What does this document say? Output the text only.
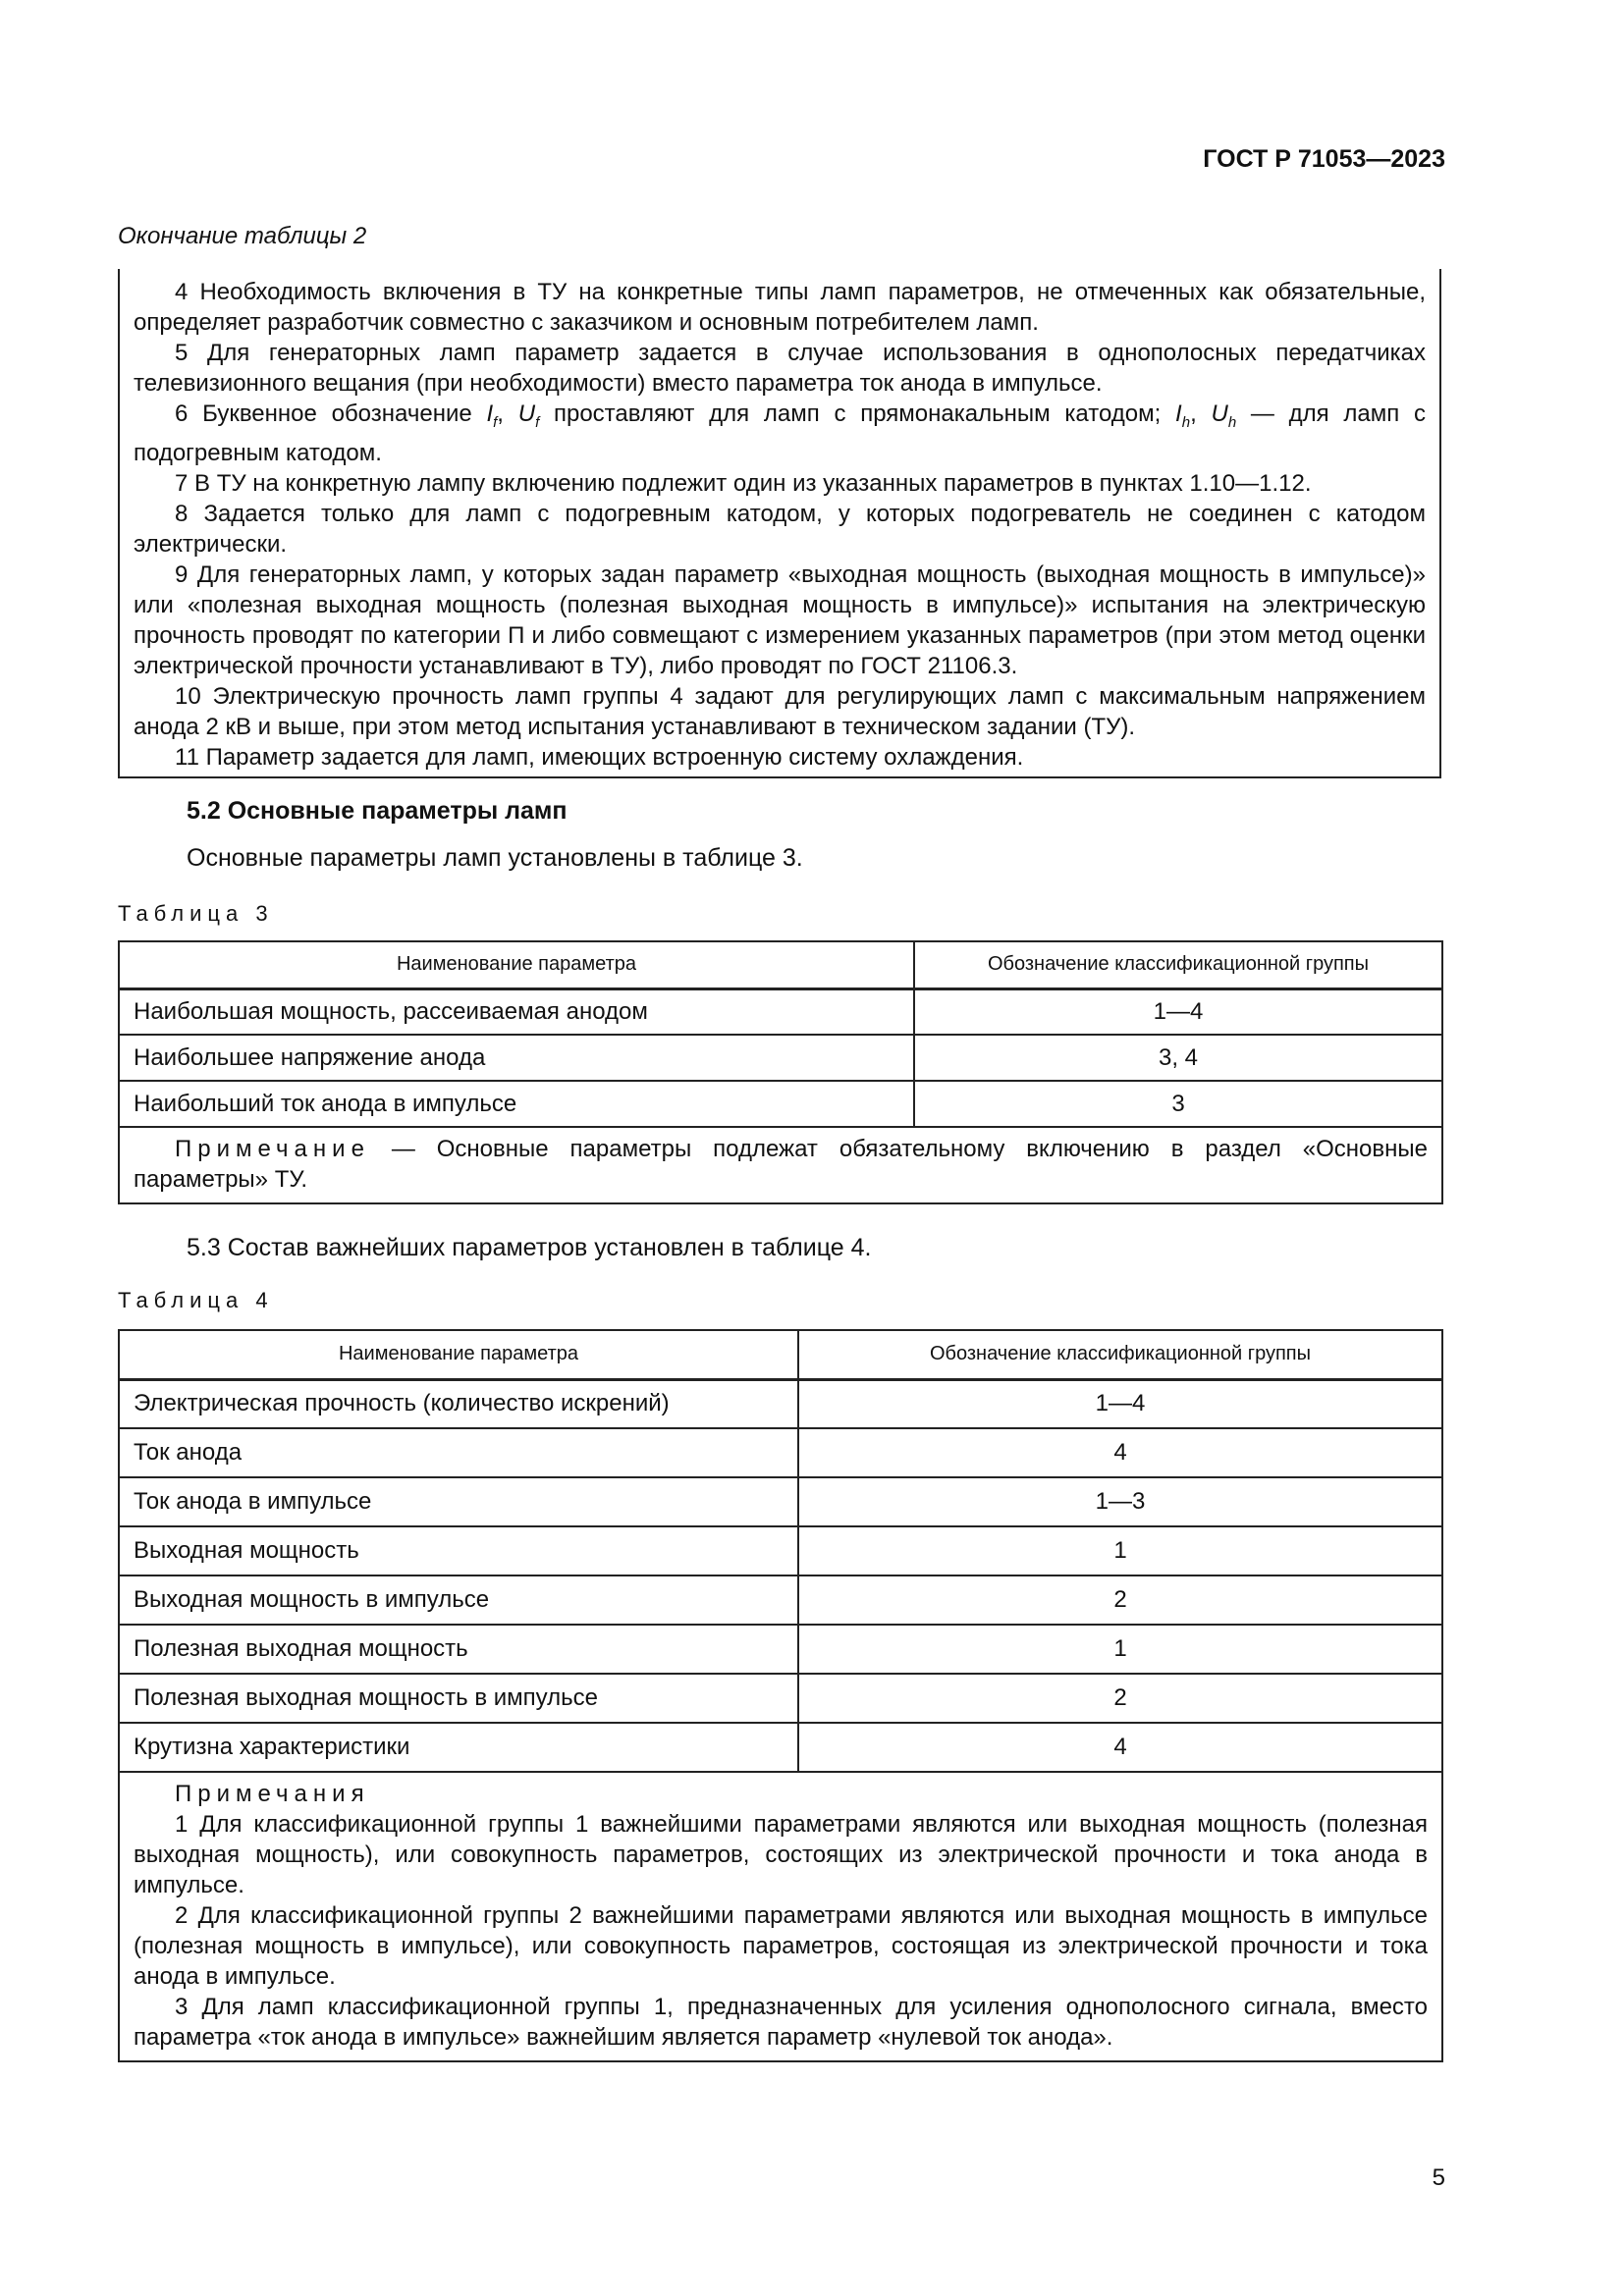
ГОСТ Р 71053—2023
Окончание таблицы 2

4 Необходимость включения в ТУ на конкретные типы ламп параметров, не отмеченных как обязательные, определяет разработчик совместно с заказчиком и основным потребителем ламп.

5 Для генераторных ламп параметр задается в случае использования в однополосных передатчиках телевизионного вещания (при необходимости) вместо параметра ток анода в импульсе.

6 Буквенное обозначение $I_f$, $U_f$ проставляют для ламп с прямонакальным катодом; $I_h$, $U_h$ — для ламп с подогревным катодом.

7 В ТУ на конкретную лампу включению подлежит один из указанных параметров в пунктах 1.10—1.12.

8 Задается только для ламп с подогревным катодом, у которых подогреватель не соединен с катодом электрически.

9 Для генераторных ламп, у которых задан параметр «выходная мощность (выходная мощность в импульсе)» или «полезная выходная мощность (полезная выходная мощность в импульсе)» испытания на электрическую прочность проводят по категории П и либо совмещают с измерением указанных параметров (при этом метод оценки электрической прочности устанавливают в ТУ), либо проводят по ГОСТ 21106.3.

10 Электрическую прочность ламп группы 4 задают для регулирующих ламп с максимальным напряжением анода 2 кВ и выше, при этом метод испытания устанавливают в техническом задании (ТУ).

11 Параметр задается для ламп, имеющих встроенную систему охлаждения.

5.2 Основные параметры ламп
Основные параметры ламп установлены в таблице 3.
Таблица 3
Наименование параметра	Обозначение классификационной группы
Наибольшая мощность, рассеиваемая анодом	1—4
Наибольшее напряжение анода	3, 4
Наибольший ток анода в импульсе	3

Примечание — Основные параметры подлежат обязательному включению в раздел «Основные параметры» ТУ.	

5.3 Состав важнейших параметров установлен в таблице 4.
Таблица 4
Наименование параметра	Обозначение классификационной группы
Электрическая прочность (количество искрений)	1—4
Ток анода	4
Ток анода в импульсе	1—3
Выходная мощность	1
Выходная мощность в импульсе	2
Полезная выходная мощность	1
Полезная выходная мощность в импульсе	2
Крутизна характеристики	4

Примечания

1 Для классификационной группы 1 важнейшими параметрами являются или выходная мощность (полезная выходная мощность), или совокупность параметров, состоящих из электрической прочности и тока анода в импульсе.

2 Для классификационной группы 2 важнейшими параметрами являются или выходная мощность в импульсе (полезная мощность в импульсе), или совокупность параметров, состоящая из электрической прочности и тока анода в импульсе.

3 Для ламп классификационной группы 1, предназначенных для усиления однополосного сигнала, вместо параметра «ток анода в импульсе» важнейшим является параметр «нулевой ток анода».	

5
